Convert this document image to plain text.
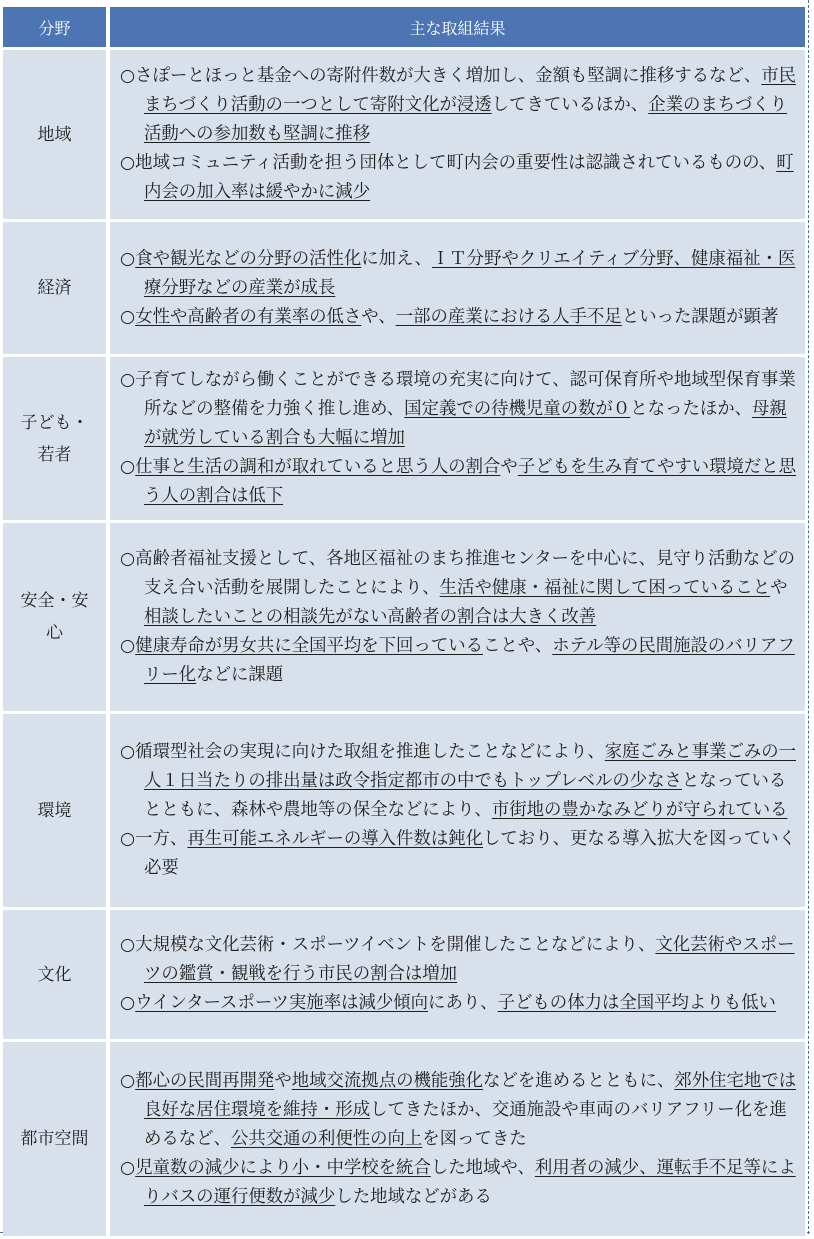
分野	主な取組結果
地域	○さぽーとほっと基金への寄附件数が大きく増加し、金額も堅調に推移するなど、市民まちづくり活動の一つとして寄附文化が浸透してきているほか、企業のまちづくり活動への参加数も堅調に推移

○地域コミュニティ活動を担う団体として町内会の重要性は認識されているものの、町内会の加入率は緩やかに減少

経済	○食や観光などの分野の活性化に加え、ＩＴ分野やクリエイティブ分野、健康福祉・医療分野などの産業が成長

○女性や高齢者の有業率の低さや、一部の産業における人手不足といった課題が顕著

子ども・若者	○子育てしながら働くことができる環境の充実に向けて、認可保育所や地域型保育事業所などの整備を力強く推し進め、国定義での待機児童の数が０となったほか、母親が就労している割合も大幅に増加

○仕事と生活の調和が取れていると思う人の割合や子どもを生み育てやすい環境だと思う人の割合は低下

安全・安心	○高齢者福祉支援として、各地区福祉のまち推進センターを中心に、見守り活動などの支え合い活動を展開したことにより、生活や健康・福祉に関して困っていることや相談したいことの相談先がない高齢者の割合は大きく改善

○健康寿命が男女共に全国平均を下回っていることや、ホテル等の民間施設のバリアフリー化などに課題

環境	○循環型社会の実現に向けた取組を推進したことなどにより、家庭ごみと事業ごみの一人１日当たりの排出量は政令指定都市の中でもトップレベルの少なさとなっているとともに、森林や農地等の保全などにより、市街地の豊かなみどりが守られている

○一方、再生可能エネルギーの導入件数は鈍化しており、更なる導入拡大を図っていく必要

文化	○大規模な文化芸術・スポーツイベントを開催したことなどにより、文化芸術やスポーツの鑑賞・観戦を行う市民の割合は増加

○ウインタースポーツ実施率は減少傾向にあり、子どもの体力は全国平均よりも低い

都市空間	○都心の民間再開発や地域交流拠点の機能強化などを進めるとともに、郊外住宅地では良好な居住環境を維持・形成してきたほか、交通施設や車両のバリアフリー化を進めるなど、公共交通の利便性の向上を図ってきた

○児童数の減少により小・中学校を統合した地域や、利用者の減少、運転手不足等によりバスの運行便数が減少した地域などがある
